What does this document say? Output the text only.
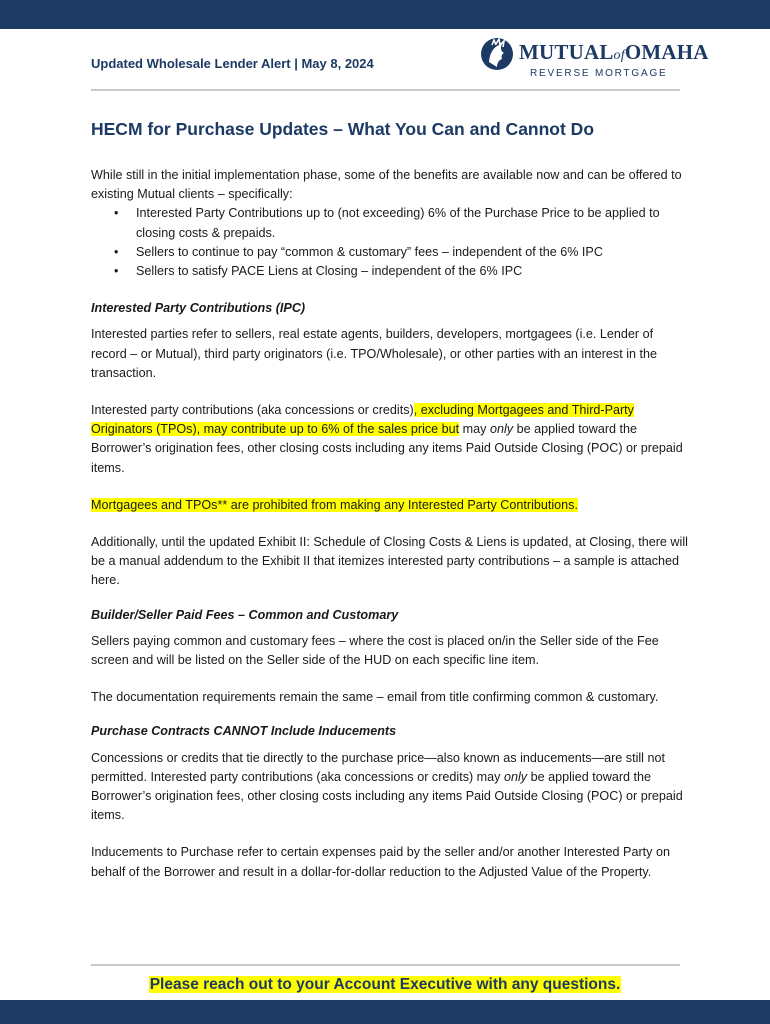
Updated Wholesale Lender Alert | May 8, 2024	MUTUALofOMAHA
REVERSE MORTGAGE
HECM for Purchase Updates – What You Can and Cannot Do

While still in the initial implementation phase, some of the benefits are available now and can be offered to existing Mutual clients – specifically:

• Interested Party Contributions up to (not exceeding) 6% of the Purchase Price to be applied to closing costs & prepaids.
• Sellers to continue to pay “common & customary” fees – independent of the 6% IPC
• Sellers to satisfy PACE Liens at Closing – independent of the 6% IPC

Interested Party Contributions (IPC)

Interested parties refer to sellers, real estate agents, builders, developers, mortgagees (i.e. Lender of record – or Mutual), third party originators (i.e. TPO/Wholesale), or other parties with an interest in the transaction.

Interested party contributions (aka concessions or credits), excluding Mortgagees and Third-Party Originators (TPOs), may contribute up to 6% of the sales price but may only be applied toward the Borrower’s origination fees, other closing costs including any items Paid Outside Closing (POC) or prepaid items.

Mortgagees and TPOs** are prohibited from making any Interested Party Contributions.

Additionally, until the updated Exhibit II: Schedule of Closing Costs & Liens is updated, at Closing, there will be a manual addendum to the Exhibit II that itemizes interested party contributions – a sample is attached here.

Builder/Seller Paid Fees – Common and Customary

Sellers paying common and customary fees – where the cost is placed on/in the Seller side of the Fee screen and will be listed on the Seller side of the HUD on each specific line item.

The documentation requirements remain the same – email from title confirming common & customary.

Purchase Contracts CANNOT Include Inducements

Concessions or credits that tie directly to the purchase price—also known as inducements—are still not permitted. Interested party contributions (aka concessions or credits) may only be applied toward the Borrower’s origination fees, other closing costs including any items Paid Outside Closing (POC) or prepaid items.

Inducements to Purchase refer to certain expenses paid by the seller and/or another Interested Party on behalf of the Borrower and result in a dollar-for-dollar reduction to the Adjusted Value of the Property.

Please reach out to your Account Executive with any questions.
